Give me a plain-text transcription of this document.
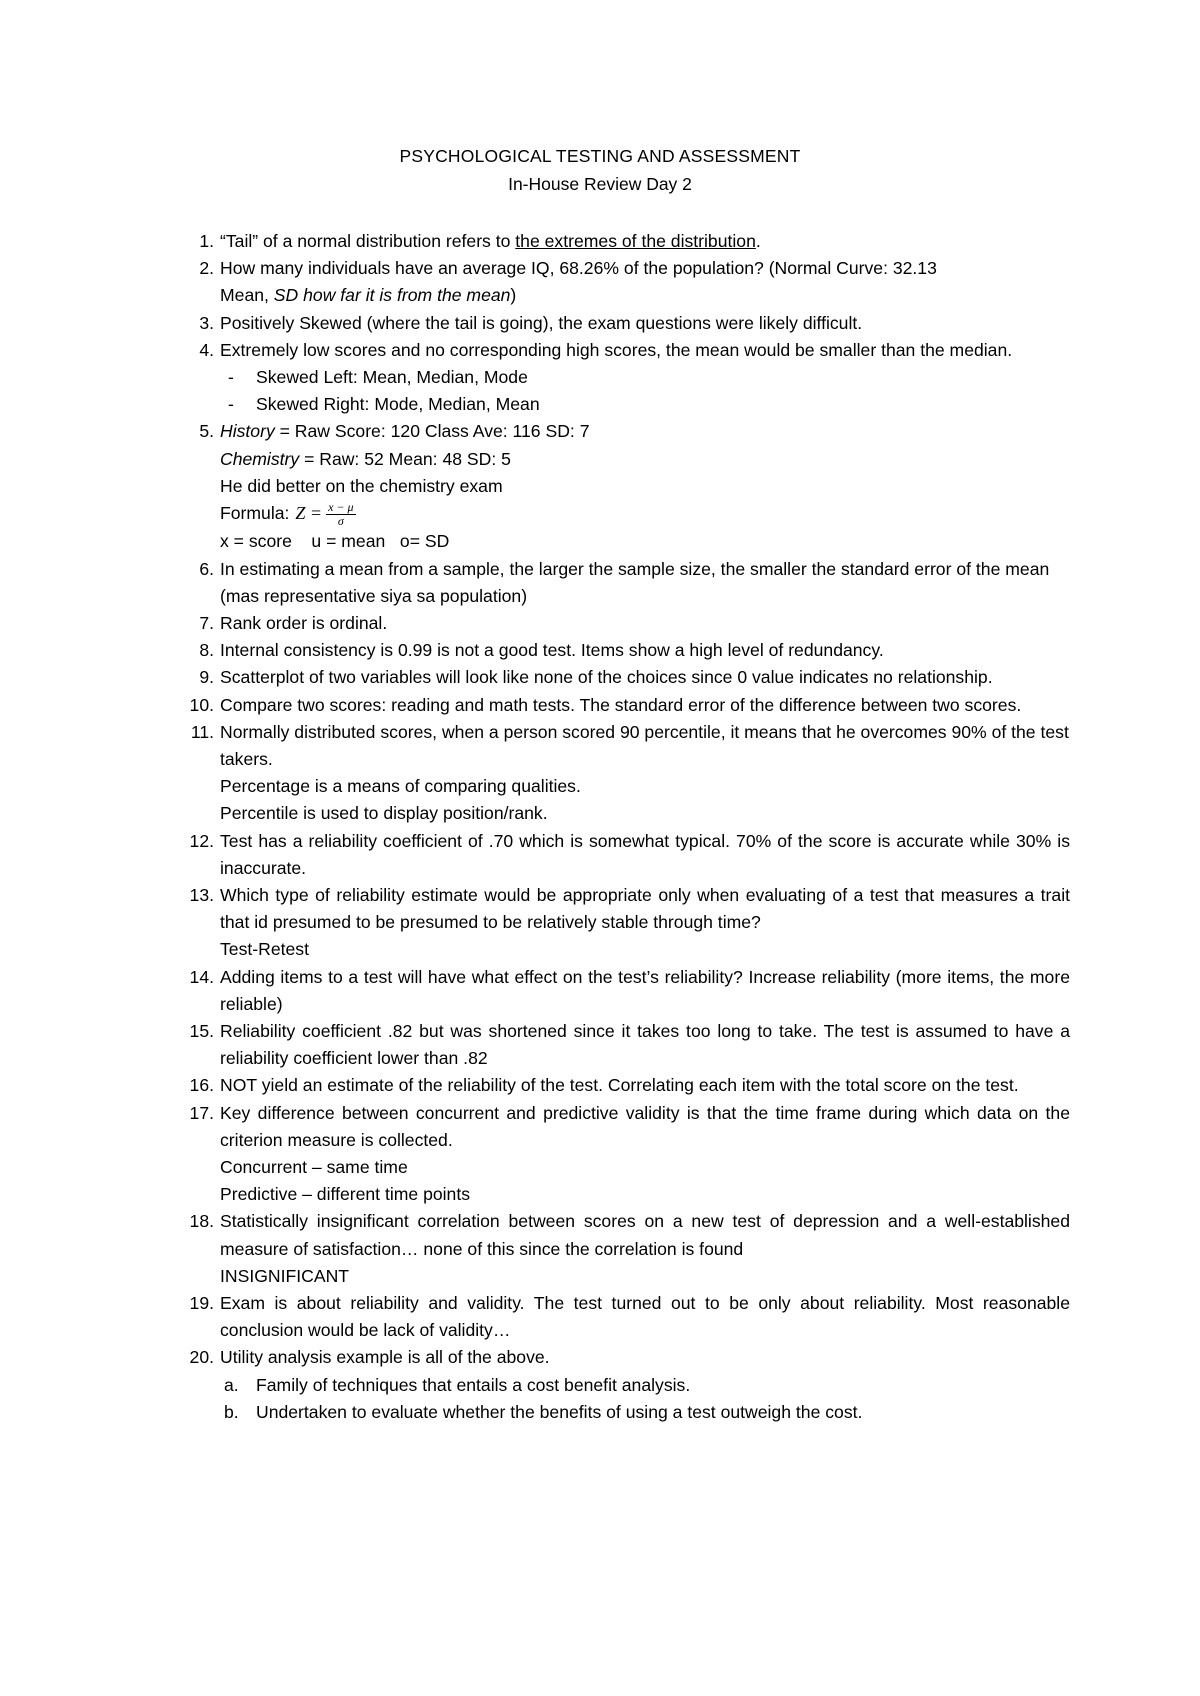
PSYCHOLOGICAL TESTING AND ASSESSMENT
In-House Review Day 2
1. “Tail” of a normal distribution refers to the extremes of the distribution.
2. How many individuals have an average IQ, 68.26% of the population? (Normal Curve: 32.13
Mean, SD how far it is from the mean)
3. Positively Skewed (where the tail is going), the exam questions were likely difficult.
4. Extremely low scores and no corresponding high scores, the mean would be smaller than the median.
- Skewed Left: Mean, Median, Mode
- Skewed Right: Mode, Median, Mean
5. History = Raw Score: 120 Class Ave: 116 SD: 7
Chemistry = Raw: 52 Mean: 48 SD: 5
He did better on the chemistry exam
Formula: $Z = \frac{x - \mu}{\sigma}$
x = score    u = mean   o= SD
6. In estimating a mean from a sample, the larger the sample size, the smaller the standard error of the mean (mas representative siya sa population)
7. Rank order is ordinal.
8. Internal consistency is 0.99 is not a good test. Items show a high level of redundancy.
9. Scatterplot of two variables will look like none of the choices since 0 value indicates no relationship.
10. Compare two scores: reading and math tests. The standard error of the difference between two scores.
11. Normally distributed scores, when a person scored 90 percentile, it means that he overcomes 90% of the test takers.
Percentage is a means of comparing qualities.
Percentile is used to display position/rank.
12. Test has a reliability coefficient of .70 which is somewhat typical. 70% of the score is accurate while 30% is inaccurate.
13. Which type of reliability estimate would be appropriate only when evaluating of a test that measures a trait that id presumed to be presumed to be relatively stable through time?
Test-Retest
14. Adding items to a test will have what effect on the test’s reliability? Increase reliability (more items, the more reliable)
15. Reliability coefficient .82 but was shortened since it takes too long to take. The test is assumed to have a reliability coefficient lower than .82
16. NOT yield an estimate of the reliability of the test. Correlating each item with the total score on the test.
17. Key difference between concurrent and predictive validity is that the time frame during which data on the criterion measure is collected.
Concurrent – same time
Predictive – different time points
18. Statistically insignificant correlation between scores on a new test of depression and a well-established measure of satisfaction… none of this since the correlation is found
INSIGNIFICANT
19. Exam is about reliability and validity. The test turned out to be only about reliability. Most reasonable conclusion would be lack of validity…
20. Utility analysis example is all of the above.
a. Family of techniques that entails a cost benefit analysis.
b. Undertaken to evaluate whether the benefits of using a test outweigh the cost.
